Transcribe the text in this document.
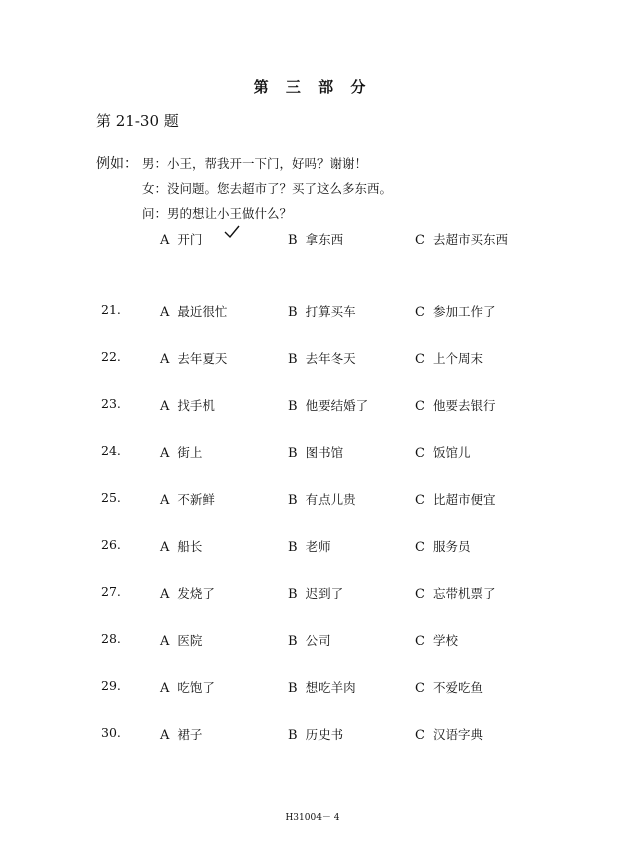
第 三 部 分
第 21-30 题
例如： 男：小王，帮我开一下门，好吗？谢谢！
女：没问题。您去超市了？买了这么多东西。
问：男的想让小王做什么？
A 开门	B 拿东西	C 去超市买东西
21.	A 最近很忙	B 打算买车	C 参加工作了
22.	A 去年夏天	B 去年冬天	C 上个周末
23.	A 找手机	B 他要结婚了	C 他要去银行
24.	A 街上	B 图书馆	C 饭馆儿
25.	A 不新鲜	B 有点儿贵	C 比超市便宜
26.	A 船长	B 老师	C 服务员
27.	A 发烧了	B 迟到了	C 忘带机票了
28.	A 医院	B 公司	C 学校
29.	A 吃饱了	B 想吃羊肉	C 不爱吃鱼
30.	A 裙子	B 历史书	C 汉语字典
H31004－ 4
